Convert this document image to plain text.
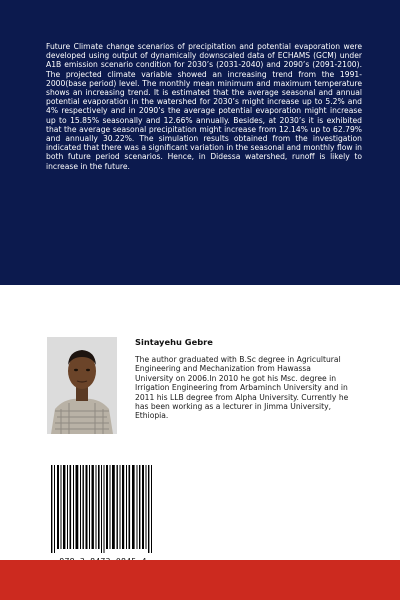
Future Climate change scenarios of precipitation and potential evaporation were developed using output of dynamically downscaled data of ECHAMS (GCM) under A1B emission scenario condition for 2030’s (2031-2040) and 2090’s (2091-2100). The projected climate variable showed an increasing trend from the 1991-2000(base period) level. The monthly mean minimum and maximum temperature shows an increasing trend. It is estimated that the average seasonal and annual potential evaporation in the watershed for 2030’s might increase up to 5.2% and 4% respectively and in 2090’s the average potential evaporation might increase up to 15.85% seasonally and 12.66% annually. Besides, at 2030’s it is exhibited that the average seasonal precipitation might increase from 12.14% up to 62.79% and annually 30.22%. The simulation results obtained from the investigation indicated that there was a significant variation in the seasonal and monthly flow in both future period scenarios. Hence, in Didessa watershed, runoff is likely to increase in the future.

Sintayehu Gebre

The author graduated with B.Sc degree in Agricultural Engineering and Mechanization from Hawassa University on 2006.In 2010 he got his Msc. degree in Irrigation Engineering from Arbaminch University and in 2011 his LLB degree from Alpha University. Currently he has been working as a lecturer in Jimma University, Ethiopia.
